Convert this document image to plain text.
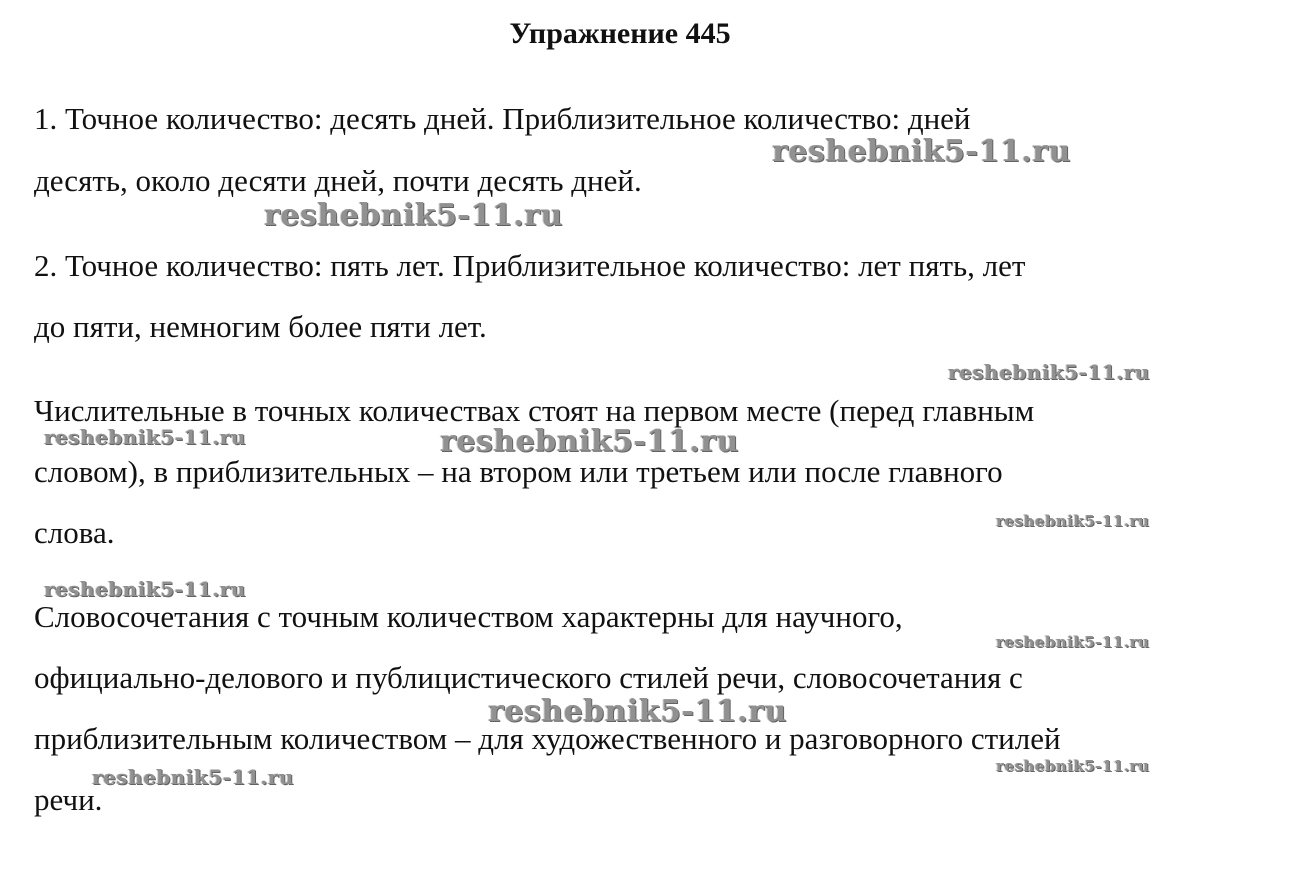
Упражнение 445
1. Точное количество: десять дней. Приблизительное количество: дней
десять, около десяти дней, почти десять дней.
2. Точное количество: пять лет. Приблизительное количество: лет пять, лет
до пяти, немногим более пяти лет.
Числительные в точных количествах стоят на первом месте (перед главным
словом), в приблизительных – на втором или третьем или после главного
слова.
Словосочетания с точным количеством характерны для научного,
официально-делового и публицистического стилей речи, словосочетания с
приблизительным количеством – для художественного и разговорного стилей
речи.
reshebnik5-11.ru
reshebnik5-11.ru
reshebnik5-11.ru
reshebnik5-11.ru	reshebnik5-11.ru
reshebnik5-11.ru
reshebnik5-11.ru
reshebnik5-11.ru
reshebnik5-11.ru
reshebnik5-11.ru	reshebnik5-11.ru
